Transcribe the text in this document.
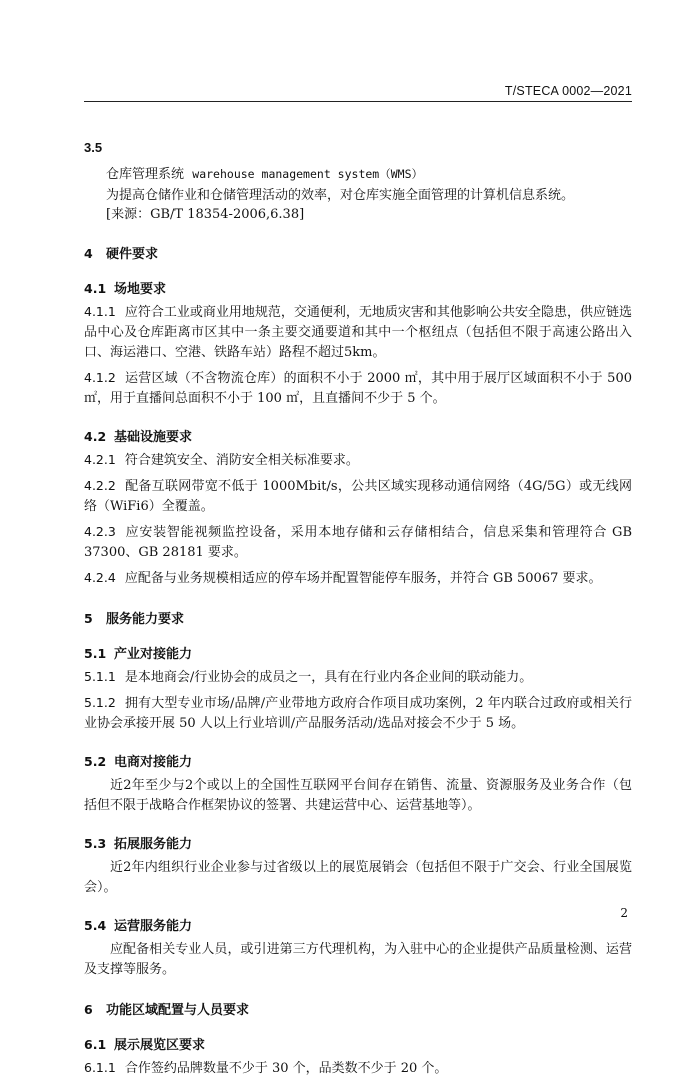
T/STECA 0002—2021
3.5
仓库管理系统 warehouse management system（WMS）
为提高仓储作业和仓储管理活动的效率，对仓库实施全面管理的计算机信息系统。
[来源：GB/T 18354-2006,6.38]
4 硬件要求
4.1 场地要求
4.1.1 应符合工业或商业用地规范，交通便利，无地质灾害和其他影响公共安全隐患，供应链选品中心及仓库距离市区其中一条主要交通要道和其中一个枢纽点（包括但不限于高速公路出入口、海运港口、空港、铁路车站）路程不超过5km。
4.1.2 运营区域（不含物流仓库）的面积不小于 2000 ㎡，其中用于展厅区域面积不小于 500 ㎡，用于直播间总面积不小于 100 ㎡，且直播间不少于 5 个。
4.2 基础设施要求
4.2.1 符合建筑安全、消防安全相关标准要求。
4.2.2 配备互联网带宽不低于 1000Mbit/s，公共区域实现移动通信网络（4G/5G）或无线网络（WiFi6）全覆盖。
4.2.3 应安装智能视频监控设备，采用本地存储和云存储相结合，信息采集和管理符合 GB 37300、GB 28181 要求。
4.2.4 应配备与业务规模相适应的停车场并配置智能停车服务，并符合 GB 50067 要求。
5 服务能力要求
5.1 产业对接能力
5.1.1 是本地商会/行业协会的成员之一，具有在行业内各企业间的联动能力。
5.1.2 拥有大型专业市场/品牌/产业带地方政府合作项目成功案例，2 年内联合过政府或相关行业协会承接开展 50 人以上行业培训/产品服务活动/选品对接会不少于 5 场。
5.2 电商对接能力
近2年至少与2个或以上的全国性互联网平台间存在销售、流量、资源服务及业务合作（包括但不限于战略合作框架协议的签署、共建运营中心、运营基地等）。
5.3 拓展服务能力
近2年内组织行业企业参与过省级以上的展览展销会（包括但不限于广交会、行业全国展览会）。
5.4 运营服务能力
应配备相关专业人员，或引进第三方代理机构，为入驻中心的企业提供产品质量检测、运营及支撑等服务。
6 功能区域配置与人员要求
6.1 展示展览区要求
6.1.1 合作签约品牌数量不少于 30 个，品类数不少于 20 个。
2
